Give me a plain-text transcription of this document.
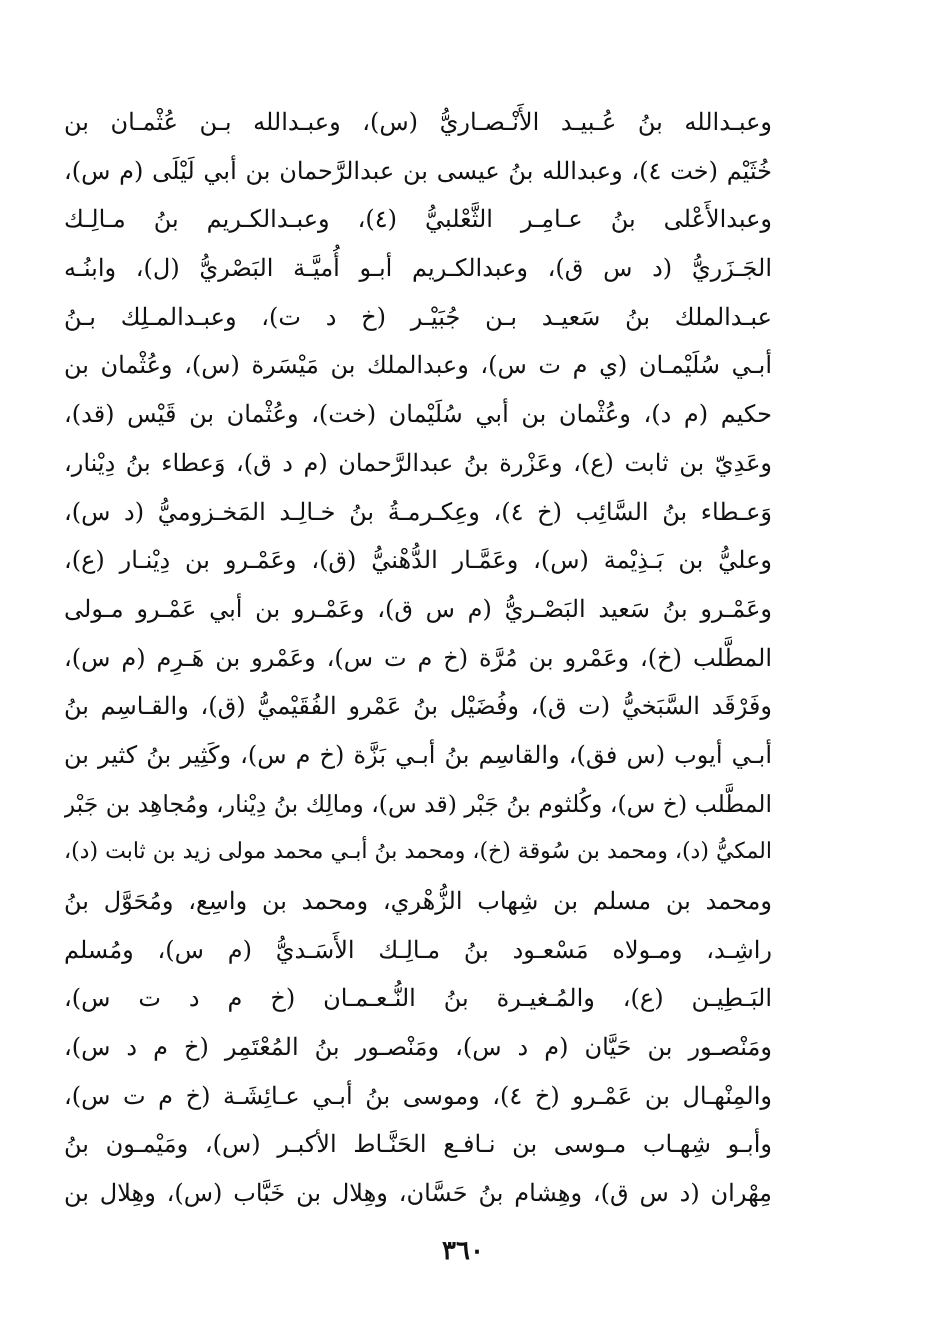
وعبـدالله بنُ عُـبيـد الأَنْـصـاريُّ (س)، وعبـدالله بـن عُثْمـان بن
خُثَيْم (خت ٤)، وعبدالله بنُ عيسى بن عبدالرَّحمان بن أبي لَيْلَى (م س)،
وعبدالأَعْلى بنُ عـامِـر الثَّعْلبيُّ (٤)، وعبـدالكـريم بنُ مـالِـك
الجَـزَريُّ (د س ق)، وعبدالكـريم أبـو أُميَّـة البَصْريُّ (ل)، وابنُـه
عبـدالملك بنُ سَعيـد بـن جُبَيْـر (خ د ت)، وعبـدالمـلِك بـنُ
أبـي سُلَيْمـان (ي م ت س)، وعبدالملك بن مَيْسَرة (س)، وعُثْمان بن
حكيم (م د)، وعُثْمان بن أبي سُلَيْمان (خت)، وعُثْمان بن قَيْس (قد)،
وعَدِيّ بن ثابت (ع)، وعَزْرة بنُ عبدالرَّحمان (م د ق)، وَعطاء بنُ دِيْنار،
وَعـطاء بنُ السَّائِب (خ ٤)، وعِكـرمـةُ بنُ خـالِـد المَخـزوميُّ (د س)،
وعليُّ بن بَـذِيْمة (س)، وعَمَّـار الدُّهْنيُّ (ق)، وعَمْـرو بن دِيْنـار (ع)،
وعَمْـرو بنُ سَعيد البَصْـريُّ (م س ق)، وعَمْـرو بن أبي عَمْـرو مـولى
المطَّلب (خ)، وعَمْرو بن مُرَّة (خ م ت س)، وعَمْرو بن هَـرِم (م س)،
وفَرْقَد السَّبَخيُّ (ت ق)، وفُضَيْل بنُ عَمْرو الفُقَيْميُّ (ق)، والقـاسِم بنُ
أبـي أيوب (س فق)، والقاسِم بنُ أبـي بَزَّة (خ م س)، وكَثِير بنُ كثير بن
المطَّلب (خ س)، وكُلثوم بنُ جَبْر (قد س)، ومالِك بنُ دِيْنار، ومُجاهِد بن جَبْر
المكيُّ (د)، ومحمد بن سُوقة (خ)، ومحمد بنُ أبـي محمد مولى زيد بن ثابت (د)،
ومحمد بن مسلم بن شِهاب الزُّهْري، ومحمد بن واسِع، ومُحَوَّل بنُ
راشِـد، ومـولاه مَسْعـود بنُ مـالِـك الأَسَـديُّ (م س)، ومُسلم
البَـطِيـن (ع)، والمُـغيـرة بنُ النُّـعـمـان (خ م د ت س)،
ومَنْصـور بن حَيَّان (م د س)، ومَنْصـور بنُ المُعْتَمِر (خ م د س)،
والمِنْهـال بن عَمْـرو (خ ٤)، وموسى بنُ أبـي عـائِشَـة (خ م ت س)،
وأبـو شِهـاب مـوسى بن نـافـع الحَنَّـاط الأكبـر (س)، ومَيْمـون بنُ
مِهْران (د س ق)، وهِشام بنُ حَسَّان، وهِلال بن خَبَّاب (س)، وهِلال بن
٣٦٠
